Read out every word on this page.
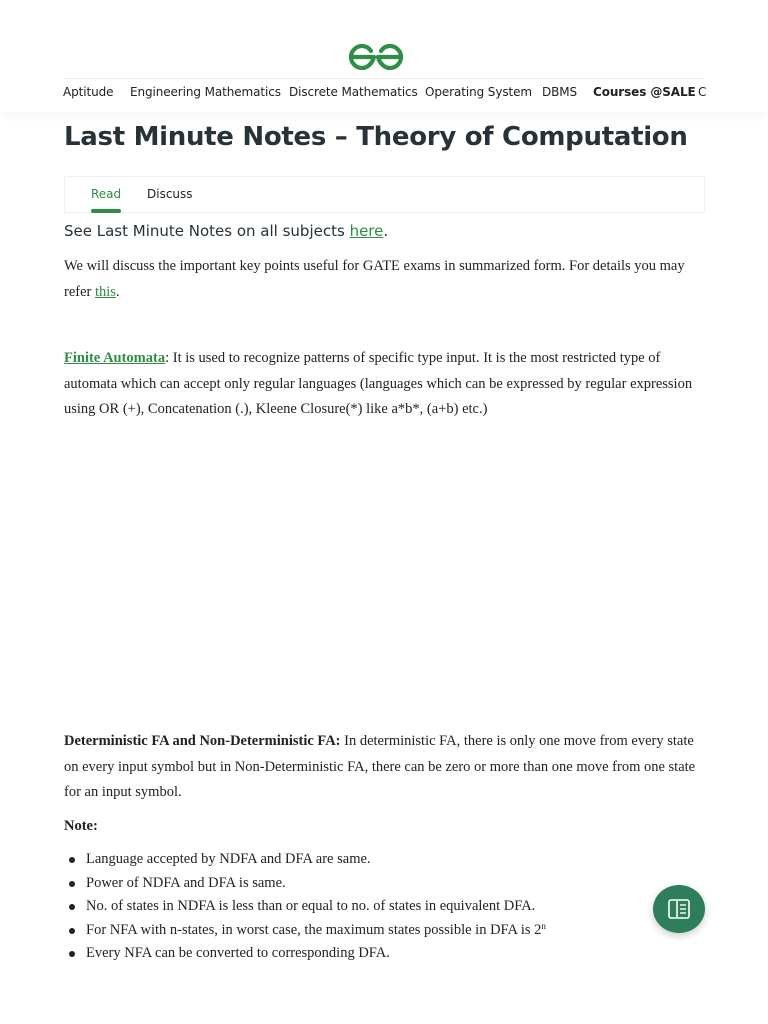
Aptitude Engineering Mathematics Discrete Mathematics Operating System DBMS Courses @SALE C
Last Minute Notes – Theory of Computation
Read Discuss

See Last Minute Notes on all subjects here.

We will discuss the important key points useful for GATE exams in summarized form. For details you may refer this.

Finite Automata: It is used to recognize patterns of specific type input. It is the most restricted type of automata which can accept only regular languages (languages which can be expressed by regular expression using OR (+), Concatenation (.), Kleene Closure(*) like a*b*, (a+b) etc.)

Deterministic FA and Non-Deterministic FA: In deterministic FA, there is only one move from every state on every input symbol but in Non-Deterministic FA, there can be zero or more than one move from one state for an input symbol.

Note:

Language accepted by NDFA and DFA are same.
Power of NDFA and DFA is same.
No. of states in NDFA is less than or equal to no. of states in equivalent DFA.
For NFA with n-states, in worst case, the maximum states possible in DFA is 2$^n$
Every NFA can be converted to corresponding DFA.
